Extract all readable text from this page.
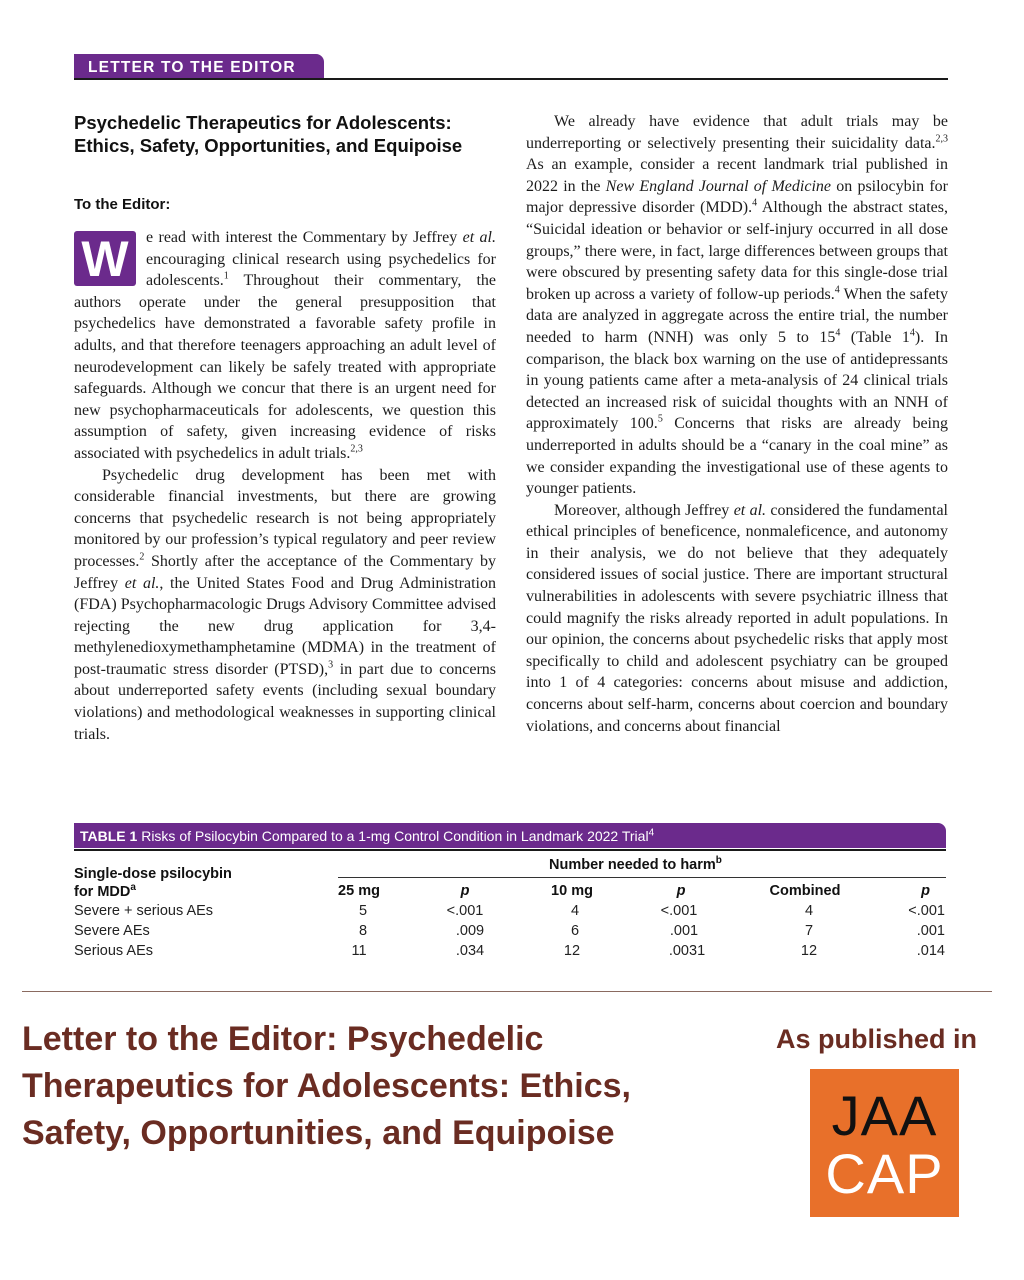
LETTER TO THE EDITOR
Psychedelic Therapeutics for Adolescents:
Ethics, Safety, Opportunities, and Equipoise
To the Editor:

W	e read with interest the Commentary by Jeffrey et al. encouraging clinical research using psychedelics for adolescents.$^1$ Throughout their commentary, the authors operate under the general presupposition that psychedelics have demonstrated a favorable safety profile in adults, and that therefore teenagers approaching an adult level of neurodevelopment can likely be safely treated with appropriate safeguards. Although we concur that there is an urgent need for new psychopharmaceuticals for adolescents, we question this assumption of safety, given increasing evidence of risks associated with psychedelics in adult trials.$^{2,3}$

Psychedelic drug development has been met with considerable financial investments, but there are growing concerns that psychedelic research is not being appropriately monitored by our profession’s typical regulatory and peer review processes.$^2$ Shortly after the acceptance of the Commentary by Jeffrey et al., the United States Food and Drug Administration (FDA) Psychopharmacologic Drugs Advisory Committee advised rejecting the new drug application for 3,4-methylenedioxymethamphetamine (MDMA) in the treatment of post-traumatic stress disorder (PTSD),$^3$ in part due to concerns about underreported safety events (including sexual boundary violations) and methodological weaknesses in supporting clinical trials.

We already have evidence that adult trials may be underreporting or selectively presenting their suicidality data.$^{2,3}$ As an example, consider a recent landmark trial published in 2022 in the New England Journal of Medicine on psilocybin for major depressive disorder (MDD).$^4$ Although the abstract states, “Suicidal ideation or behavior or self-injury occurred in all dose groups,” there were, in fact, large differences between groups that were obscured by presenting safety data for this single-dose trial broken up across a variety of follow-up periods.$^4$ When the safety data are analyzed in aggregate across the entire trial, the number needed to harm (NNH) was only 5 to $15^4$ (Table $1^4$). In comparison, the black box warning on the use of antidepressants in young patients came after a meta-analysis of 24 clinical trials detected an increased risk of suicidal thoughts with an NNH of approximately 100.$^5$ Concerns that risks are already being underreported in adults should be a “canary in the coal mine” as we consider expanding the investigational use of these agents to younger patients.

Moreover, although Jeffrey et al. considered the fundamental ethical principles of beneficence, nonmaleficence, and autonomy in their analysis, we do not believe that they adequately considered issues of social justice. There are important structural vulnerabilities in adolescents with severe psychiatric illness that could magnify the risks already reported in adult populations. In our opinion, the concerns about psychedelic risks that apply most specifically to child and adolescent psychiatry can be grouped into 1 of 4 categories: concerns about misuse and addiction, concerns about self-harm, concerns about coercion and boundary violations, and concerns about financial

TABLE 1 Risks of Psilocybin Compared to a 1-mg Control Condition in Landmark 2022 Trial$^4$
Single-dose psilocybin
for MDD$^a$
Number needed to harm$^b$
25 mg	p	10 mg	p	Combined	p
Severe + serious AEs	5	<.001	4	<.001	4	<.001
Severe AEs	8	.009	6	.001	7	.001
Serious AEs	11	.034	12	.0031	12	.014
Letter to the Editor: Psychedelic
Therapeutics for Adolescents: Ethics,
Safety, Opportunities, and Equipoise
As published in
JAA
CAP
